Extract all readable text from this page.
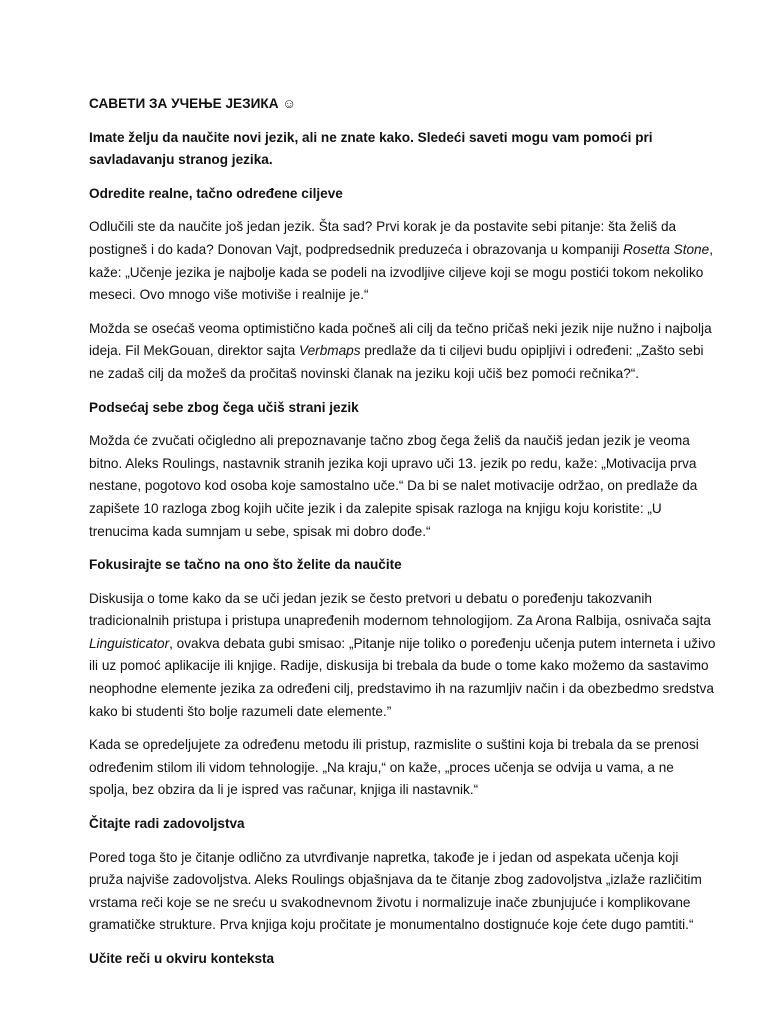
САВЕТИ ЗА УЧЕЊЕ ЈЕЗИКА ☺

Imate želju da naučite novi jezik, ali ne znate kako. Sledeći saveti mogu vam pomoći pri savladavanju stranog jezika.

Odredite realne, tačno određene ciljeve

Odlučili ste da naučite još jedan jezik. Šta sad? Prvi korak je da postavite sebi pitanje: šta želiš da postigneš i do kada? Donovan Vajt, podpredsednik preduzeća i obrazovanja u kompaniji Rosetta Stone, kaže: „Učenje jezika je najbolje kada se podeli na izvodljive ciljeve koji se mogu postići tokom nekoliko meseci. Ovo mnogo više motiviše i realnije je.“

Možda se osećaš veoma optimistično kada počneš ali cilj da tečno pričaš neki jezik nije nužno i najbolja ideja. Fil MekGouan, direktor sajta Verbmaps predlaže da ti ciljevi budu opipljivi i određeni: „Zašto sebi ne zadaš cilj da možeš da pročitaš novinski članak na jeziku koji učiš bez pomoći rečnika?“.

Podsećaj sebe zbog čega učiš strani jezik

Možda će zvučati očigledno ali prepoznavanje tačno zbog čega želiš da naučiš jedan jezik je veoma bitno. Aleks Roulings, nastavnik stranih jezika koji upravo uči 13. jezik po redu, kaže: „Motivacija prva nestane, pogotovo kod osoba koje samostalno uče.“ Da bi se nalet motivacije održao, on predlaže da zapišete 10 razloga zbog kojih učite jezik i da zalepite spisak razloga na knjigu koju koristite: „U trenucima kada sumnjam u sebe, spisak mi dobro dođe.“

Fokusirajte se tačno na ono što želite da naučite

Diskusija o tome kako da se uči jedan jezik se često pretvori u debatu o poređenju takozvanih tradicionalnih pristupa i pristupa unapređenih modernom tehnologijom. Za Arona Ralbija, osnivača sajta Linguisticator, ovakva debata gubi smisao: „Pitanje nije toliko o poređenju učenja putem interneta i uživo ili uz pomoć aplikacije ili knjige. Radije, diskusija bi trebala da bude o tome kako možemo da sastavimo neophodne elemente jezika za određeni cilj, predstavimo ih na razumljiv način i da obezbedmo sredstva kako bi studenti što bolje razumeli date elemente.”

Kada se opredeljujete za određenu metodu ili pristup, razmislite o suštini koja bi trebala da se prenosi određenim stilom ili vidom tehnologije. „Na kraju,“ on kaže, „proces učenja se odvija u vama, a ne spolja, bez obzira da li je ispred vas računar, knjiga ili nastavnik.“

Čitajte radi zadovoljstva

Pored toga što je čitanje odlično za utvrđivanje napretka, takođe je i jedan od aspekata učenja koji pruža najviše zadovoljstva. Aleks Roulings objašnjava da te čitanje zbog zadovoljstva „izlaže različitim vrstama reči koje se ne sreću u svakodnevnom životu i normalizuje inače zbunjujuće i komplikovane gramatičke strukture. Prva knjiga koju pročitate je monumentalno dostignuće koje ćete dugo pamtiti.“

Učite reči u okviru konteksta
